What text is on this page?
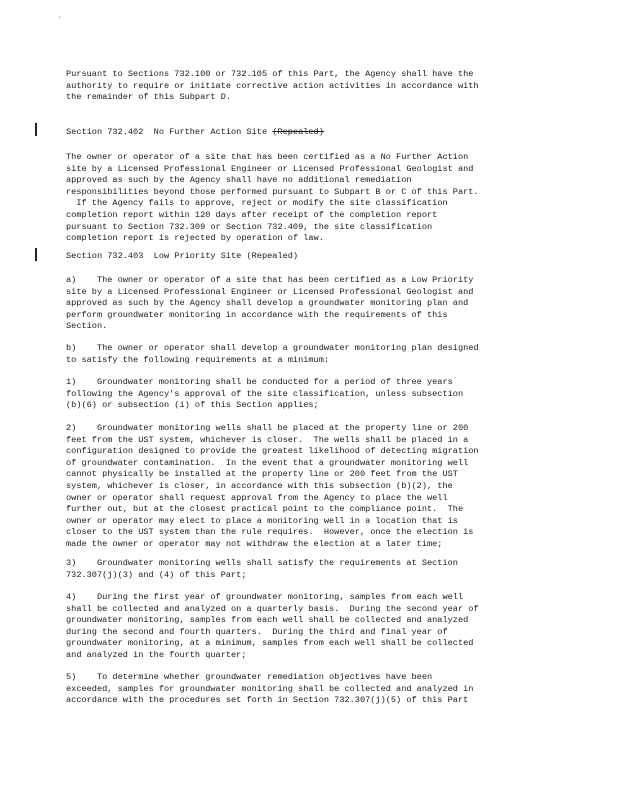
'

Pursuant to Sections 732.100 or 732.105 of this Part, the Agency shall have the
authority to require or initiate corrective action activities in accordance with
the remainder of this Subpart D.

Section 732.402  No Further Action Site (Repealed)

The owner or operator of a site that has been certified as a No Further Action
site by a Licensed Professional Engineer or Licensed Professional Geologist and
approved as such by the Agency shall have no additional remediation
responsibilities beyond those performed pursuant to Subpart B or C of this Part.
If the Agency fails to approve, reject or modify the site classification
completion report within 120 days after receipt of the completion report
pursuant to Section 732.309 or Section 732.409, the site classification
completion report is rejected by operation of law.

Section 732.403  Low Priority Site (Repealed)

a)    The owner or operator of a site that has been certified as a Low Priority
site by a Licensed Professional Engineer or Licensed Professional Geologist and
approved as such by the Agency shall develop a groundwater monitoring plan and
perform groundwater monitoring in accordance with the requirements of this
Section.

b)    The owner or operator shall develop a groundwater monitoring plan designed
to satisfy the following requirements at a minimum:

1)    Groundwater monitoring shall be conducted for a period of three years
following the Agency's approval of the site classification, unless subsection
(b)(6) or subsection (i) of this Section applies;

2)    Groundwater monitoring wells shall be placed at the property line or 200
feet from the UST system, whichever is closer.  The wells shall be placed in a
configuration designed to provide the greatest likelihood of detecting migration
of groundwater contamination.  In the event that a groundwater monitoring well
cannot physically be installed at the property line or 200 feet from the UST
system, whichever is closer, in accordance with this subsection (b)(2), the
owner or operator shall request approval from the Agency to place the well
further out, but at the closest practical point to the compliance point.  The
owner or operator may elect to place a monitoring well in a location that is
closer to the UST system than the rule requires.  However, once the election is
made the owner or operator may not withdraw the election at a later time;

3)    Groundwater monitoring wells shall satisfy the requirements at Section
732.307(j)(3) and (4) of this Part;

4)    During the first year of groundwater monitoring, samples from each well
shall be collected and analyzed on a quarterly basis.  During the second year of
groundwater monitoring, samples from each well shall be collected and analyzed
during the second and fourth quarters.  During the third and final year of
groundwater monitoring, at a minimum, samples from each well shall be collected
and analyzed in the fourth quarter;

5)    To determine whether groundwater remediation objectives have been
exceeded, samples for groundwater monitoring shall be collected and analyzed in
accordance with the procedures set forth in Section 732.307(j)(5) of this Part
